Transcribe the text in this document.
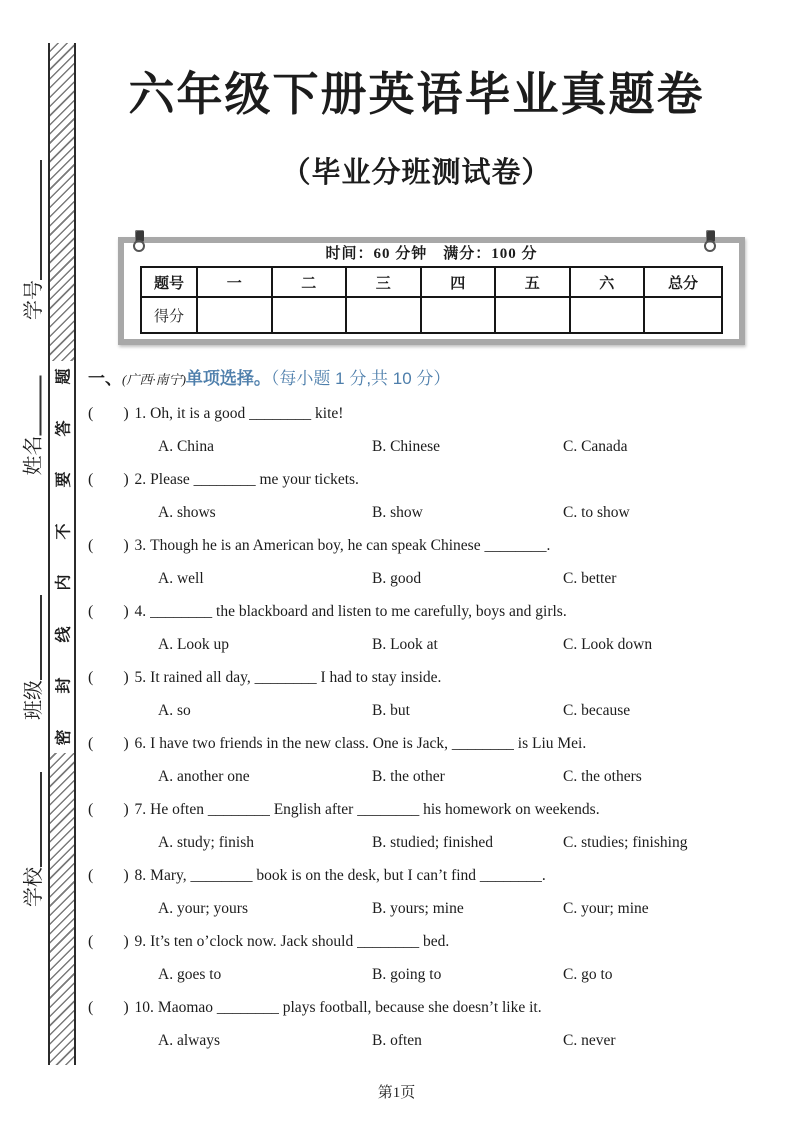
学号
姓名
班级
学校
题
答
要
不
内
线
封
密
六年级下册英语毕业真题卷
（毕业分班测试卷）
时间：60 分钟　满分：100 分
题号	一	二	三	四	五	六	总分
得分							
一、(广西·南宁)单项选择。（每小题 1 分,共 10 分）
( ) 1. Oh, it is a good ________ kite!
A. China	B. Chinese	C. Canada
( ) 2. Please ________ me your tickets.
A. shows	B. show	C. to show
( ) 3. Though he is an American boy, he can speak Chinese ________.
A. well	B. good	C. better
( ) 4. ________ the blackboard and listen to me carefully, boys and girls.
A. Look up	B. Look at	C. Look down
( ) 5. It rained all day, ________ I had to stay inside.
A. so	B. but	C. because
( ) 6. I have two friends in the new class. One is Jack, ________ is Liu Mei.
A. another one	B. the other	C. the others
( ) 7. He often ________ English after ________ his homework on weekends.
A. study; finish	B. studied; finished	C. studies; finishing
( ) 8. Mary, ________ book is on the desk, but I can’t find ________.
A. your; yours	B. yours; mine	C. your; mine
( ) 9. It’s ten o’clock now. Jack should ________ bed.
A. goes to	B. going to	C. go to
( ) 10. Maomao ________ plays football, because she doesn’t like it.
A. always	B. often	C. never
第1页
